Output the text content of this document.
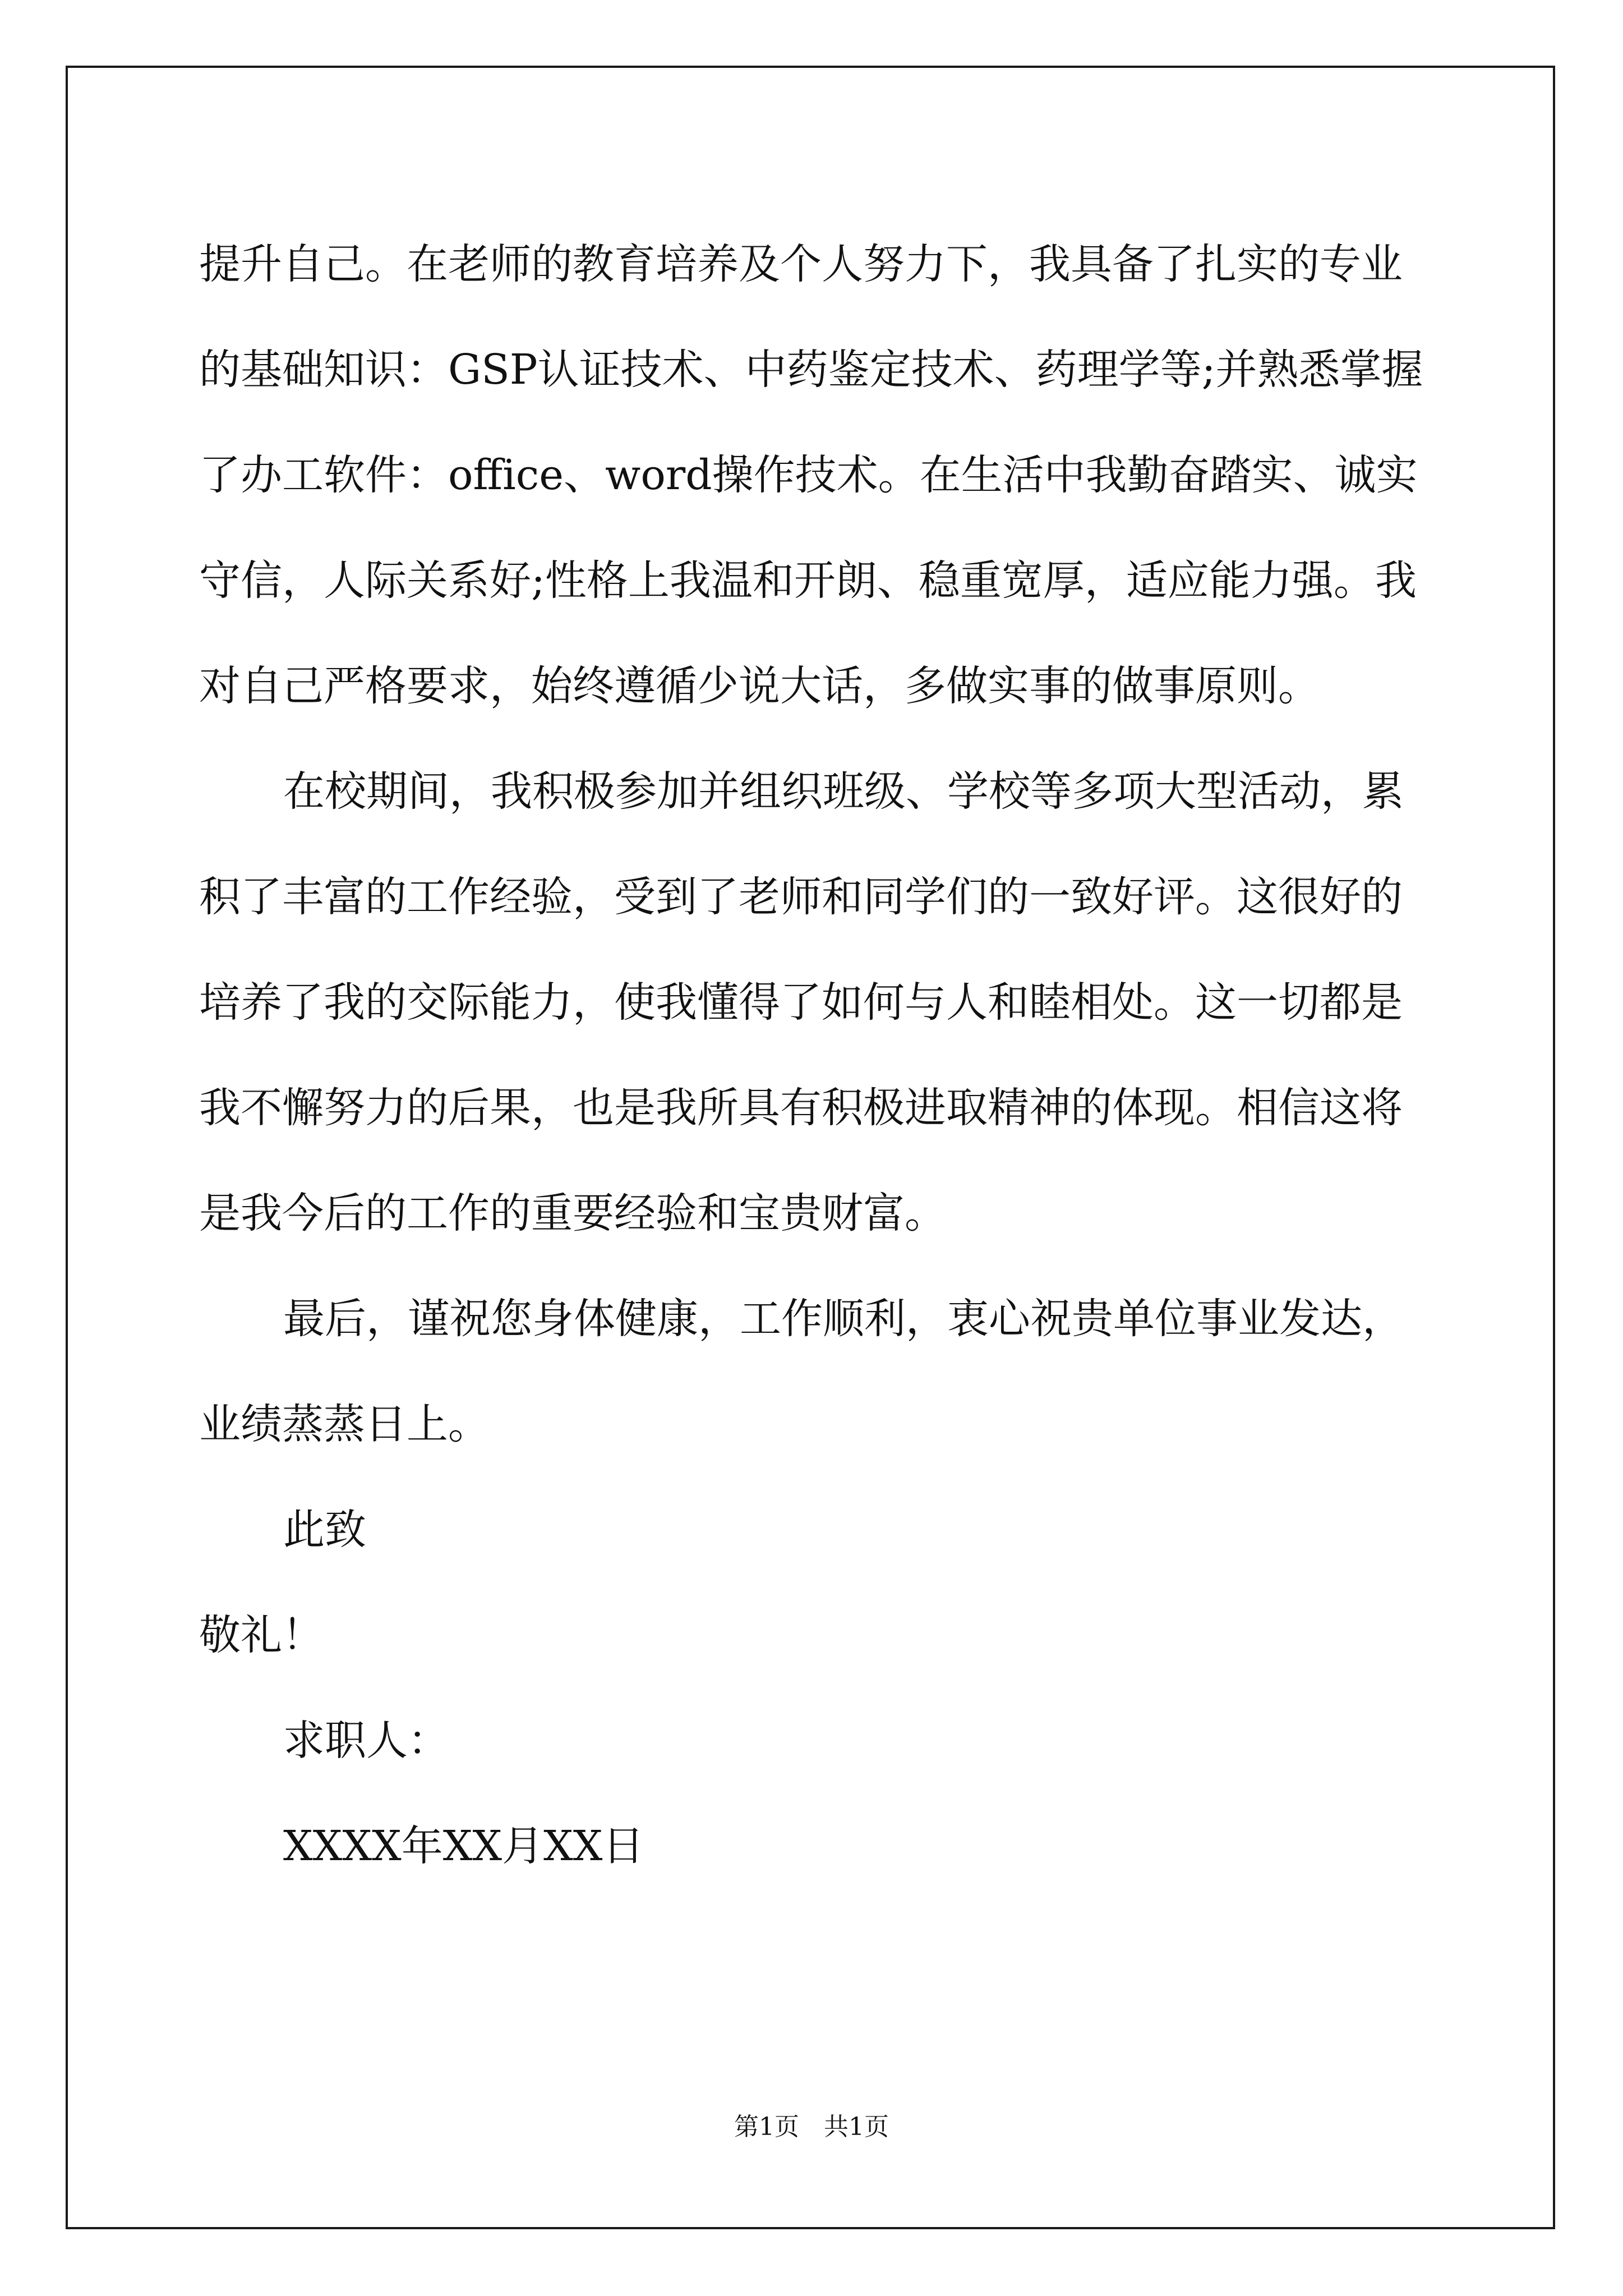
提升自己。在老师的教育培养及个人努力下，我具备了扎实的专业的基础知识：GSP认证技术、中药鉴定技术、药理学等;并熟悉掌握了办工软件：office、word操作技术。在生活中我勤奋踏实、诚实守信，人际关系好;性格上我温和开朗、稳重宽厚，适应能力强。我对自己严格要求，始终遵循少说大话，多做实事的做事原则。

在校期间，我积极参加并组织班级、学校等多项大型活动，累积了丰富的工作经验，受到了老师和同学们的一致好评。这很好的培养了我的交际能力，使我懂得了如何与人和睦相处。这一切都是我不懈努力的后果，也是我所具有积极进取精神的体现。相信这将是我今后的工作的重要经验和宝贵财富。

最后，谨祝您身体健康，工作顺利，衷心祝贵单位事业发达，业绩蒸蒸日上。

此致

敬礼！

求职人：

XXXX年XX月XX日

第1页 共1页
